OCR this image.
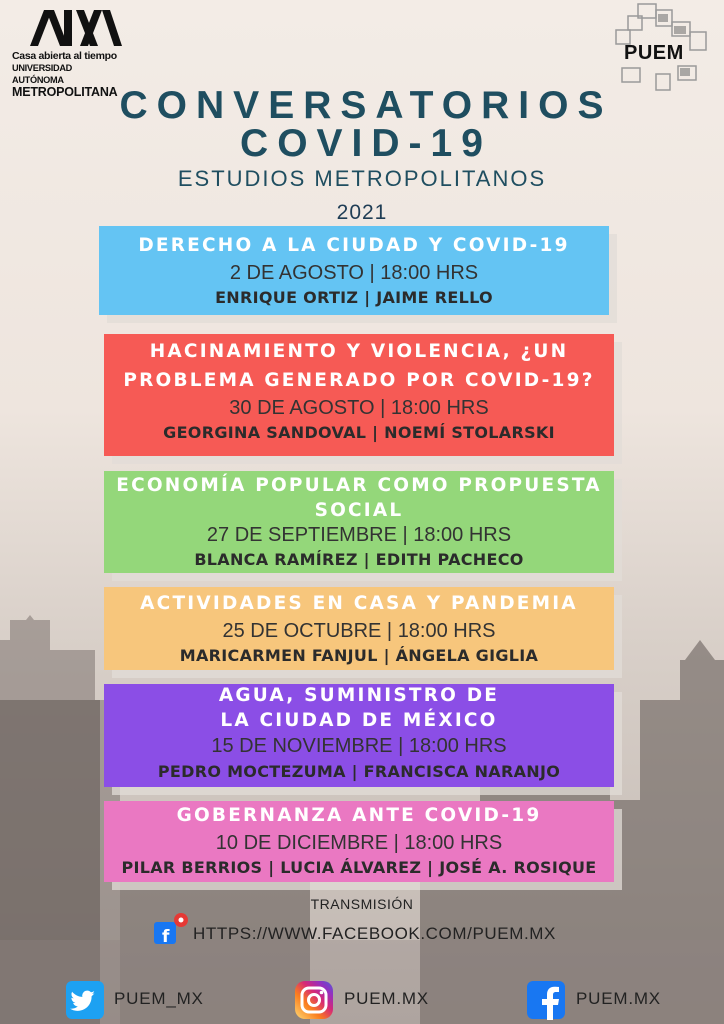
Casa abierta al tiempo
UNIVERSIDAD AUTÓNOMA
METROPOLITANA
PUEM
CONVERSATORIOS
COVID-19
ESTUDIOS METROPOLITANOS
2021
DERECHO A LA CIUDAD Y COVID-19
2 DE AGOSTO | 18:00 HRS
ENRIQUE ORTIZ | JAIME RELLO
HACINAMIENTO Y VIOLENCIA, ¿UN
PROBLEMA GENERADO POR COVID-19?
30 DE AGOSTO | 18:00 HRS
GEORGINA SANDOVAL | NOEMÍ STOLARSKI
ECONOMÍA POPULAR COMO PROPUESTA
SOCIAL
27 DE SEPTIEMBRE | 18:00 HRS
BLANCA RAMÍREZ | EDITH PACHECO
ACTIVIDADES EN CASA Y PANDEMIA
25 DE OCTUBRE | 18:00 HRS
MARICARMEN FANJUL | ÁNGELA GIGLIA
AGUA, SUMINISTRO DE
LA CIUDAD DE MÉXICO
15 DE NOVIEMBRE | 18:00 HRS
PEDRO MOCTEZUMA | FRANCISCA NARANJO
GOBERNANZA ANTE COVID-19
10 DE DICIEMBRE | 18:00 HRS
PILAR BERRIOS | LUCIA ÁLVAREZ | JOSÉ A. ROSIQUE
TRANSMISIÓN
f HTTPS://WWW.FACEBOOK.COM/PUEM.MX
PUEM_MX	PUEM.MX	PUEM.MX
